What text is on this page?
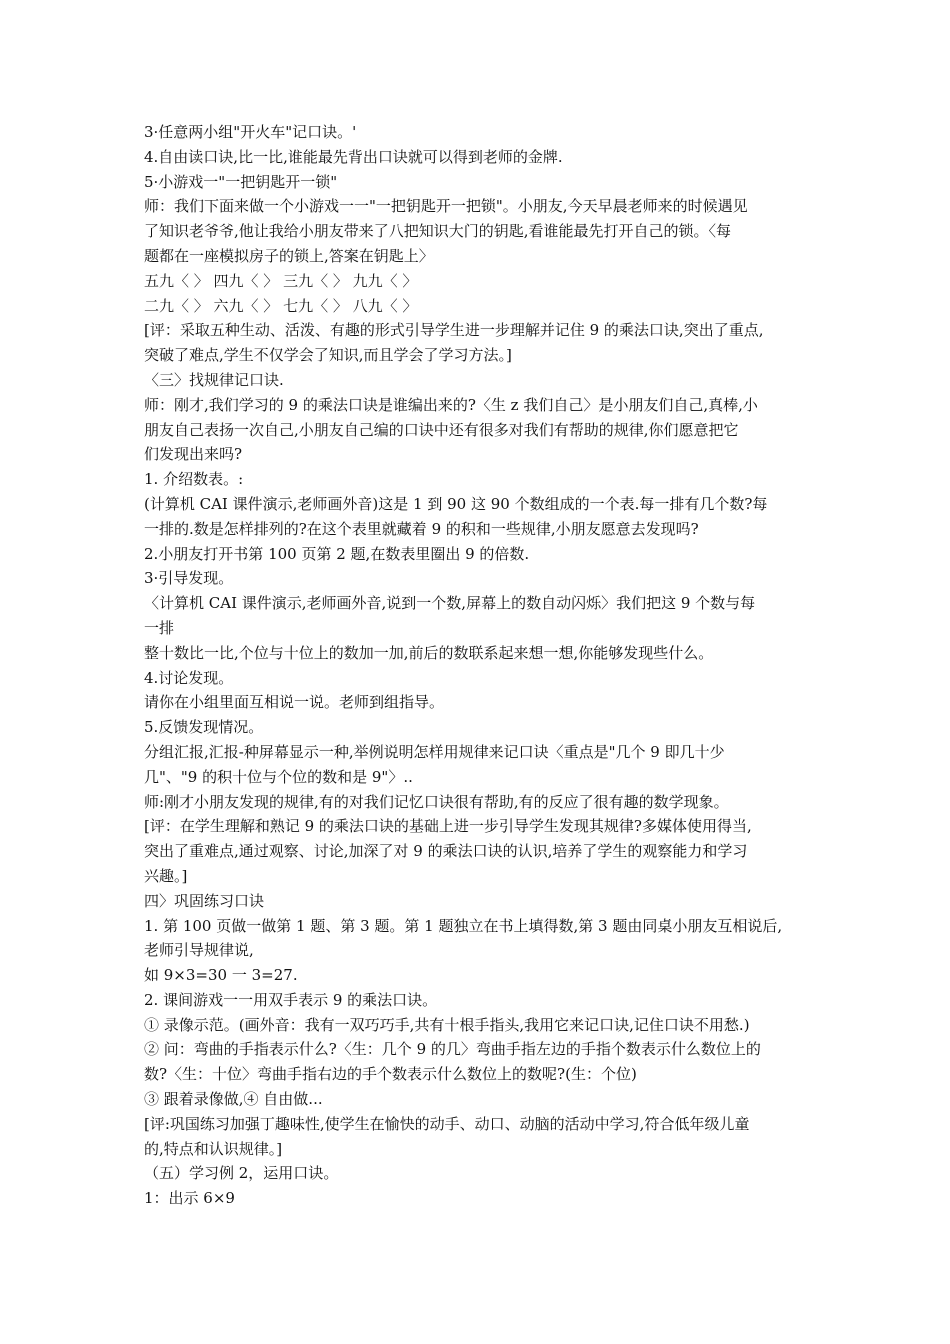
3·任意两小组"开火车"记口诀。'
4.自由读口诀,比一比,谁能最先背出口诀就可以得到老师的金牌.
5·小游戏一"一把钥匙开一锁"
师：我们下面来做一个小游戏一一"一把钥匙开一把锁"。小朋友,今天早晨老师来的时候遇见
了知识老爷爷,他让我给小朋友带来了八把知识大门的钥匙,看谁能最先打开自己的锁。〈每
题都在一座模拟房子的锁上,答案在钥匙上〉
五九〈 〉 四九〈 〉 三九〈 〉 九九〈 〉
二九〈 〉 六九〈 〉 七九〈 〉 八九〈 〉
[评：采取五种生动、活泼、有趣的形式引导学生进一步理解并记住 9 的乘法口诀,突出了重点,
突破了难点,学生不仅学会了知识,而且学会了学习方法。]
〈三〉找规律记口诀.
师：刚才,我们学习的 9 的乘法口诀是谁编出来的?〈生 z 我们自己〉是小朋友们自己,真棒,小
朋友自己表扬一次自己,小朋友自己编的口诀中还有很多对我们有帮助的规律,你们愿意把它
们发现出来吗?
1. 介绍数表。:
(计算机 CAI 课件演示,老师画外音)这是 1 到 90 这 90 个数组成的一个表.每一排有几个数?每
一排的.数是怎样排列的?在这个表里就藏着 9 的积和一些规律,小朋友愿意去发现吗?
2.小朋友打开书第 100 页第 2 题,在数表里圈出 9 的倍数.
3·引导发现。
〈计算机 CAI 课件演示,老师画外音,说到一个数,屏幕上的数自动闪烁〉我们把这 9 个数与每
一排
整十数比一比,个位与十位上的数加一加,前后的数联系起来想一想,你能够发现些什么。
4.讨论发现。
请你在小组里面互相说一说。老师到组指导。
5.反馈发现情况。
分组汇报,汇报-种屏幕显示一种,举例说明怎样用规律来记口诀〈重点是"几个 9 即几十少
几"、"9 的积十位与个位的数和是 9"〉..
师:刚才小朋友发现的规律,有的对我们记忆口诀很有帮助,有的反应了很有趣的数学现象。
[评：在学生理解和熟记 9 的乘法口诀的基础上进一步引导学生发现其规律?多媒体使用得当,
突出了重难点,通过观察、讨论,加深了对 9 的乘法口诀的认识,培养了学生的观察能力和学习
兴趣。]
四〉巩固练习口诀
1. 第 100 页做一做第 1 题、第 3 题。第 1 题独立在书上填得数,第 3 题由同桌小朋友互相说后,
老师引导规律说,
如 9×3=30 一 3=27.
2. 课间游戏一一用双手表示 9 的乘法口诀。
① 录像示范。(画外音：我有一双巧巧手,共有十根手指头,我用它来记口诀,记住口诀不用愁.)
② 问：弯曲的手指表示什么?〈生：几个 9 的几〉弯曲手指左边的手指个数表示什么数位上的
数?〈生：十位〉弯曲手指右边的手个数表示什么数位上的数呢?(生：个位)
③ 跟着录像做,④ 自由做...
[评:巩国练习加强丁趣味性,使学生在愉快的动手、动口、动脑的活动中学习,符合低年级儿童
的,特点和认识规律。]
（五）学习例 2，运用口诀。
1：出示 6×9
